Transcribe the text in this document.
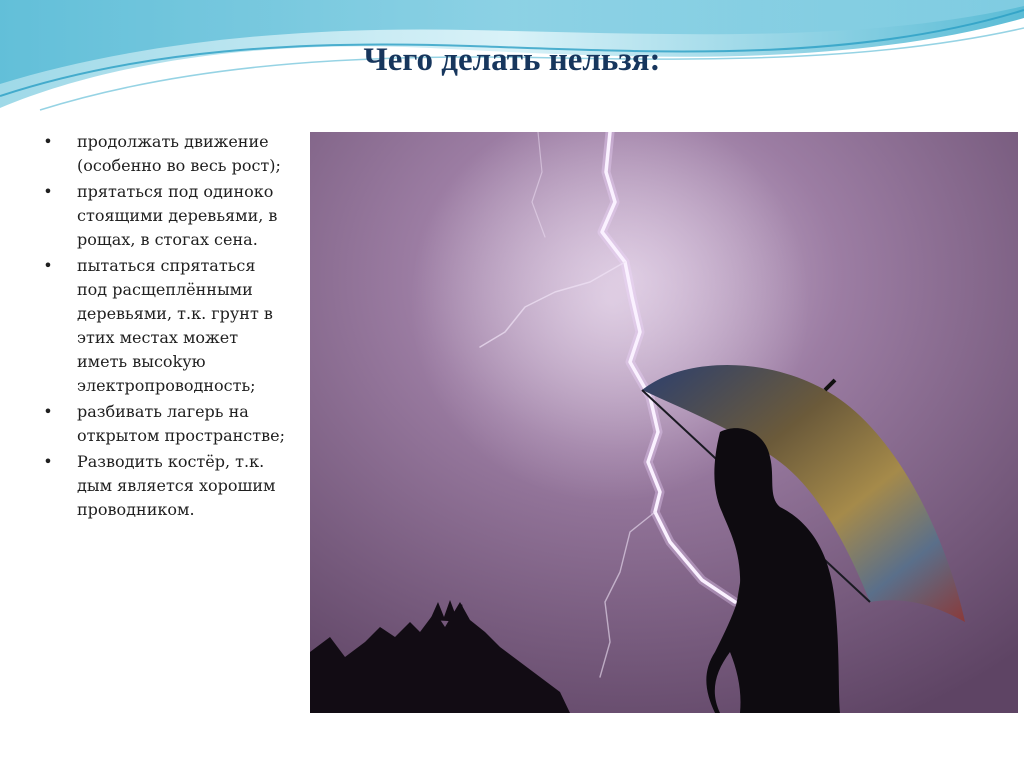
Чего делать нельзя:
• продолжать движение (особенно во весь рост);
• прятаться под одиноко стоящими деревьями, в рощах, в стогах сена.
• пытаться спрятаться под расщеплёнными деревьями, т.к. грунт в этих местах может иметь высоkую электропроводность;
• разбивать лагерь на открытом пространстве;
• Разводить костёр, т.к. дым является хорошим проводником.
